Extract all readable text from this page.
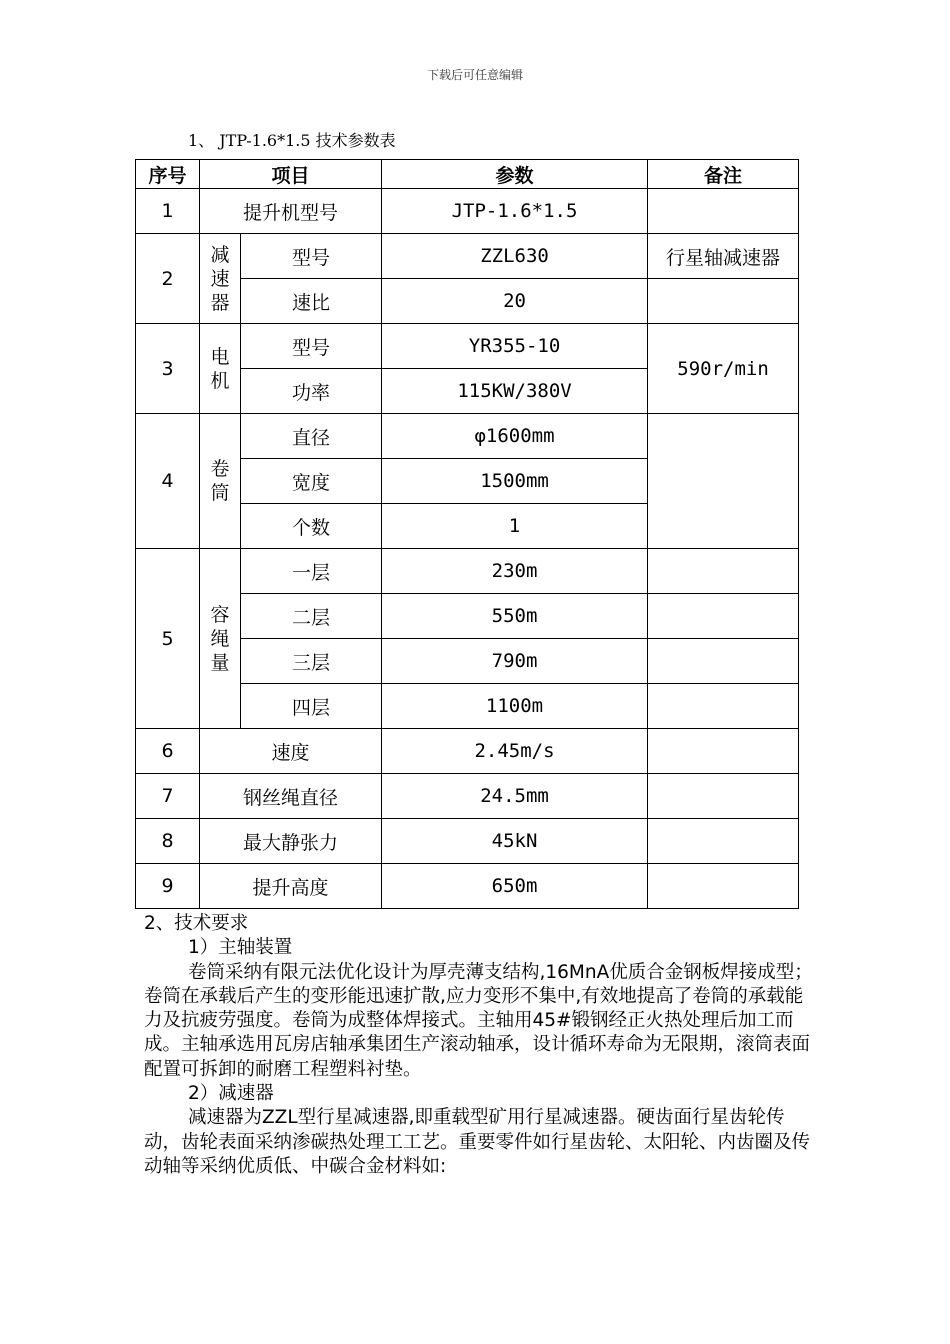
下载后可任意编辑
1、 JTP-1.6*1.5 技术参数表
序号	项目		参数	备注
1	提升机型号		JTP-1.6*1.5	
2	减
速
器	型号	ZZL630	行星轴减速器
		速比	20	
3	电
机	型号	YR355-10	590r/min
		功率	115KW/380V	
4	卷
筒	直径	φ1600mm	
		宽度	1500mm	
		个数	1	
5	容
绳
量	一层	230m	
		二层	550m	
		三层	790m	
		四层	1100m	
6	速度		2.45m/s	
7	钢丝绳直径		24.5mm	
8	最大静张力		45kN	
9	提升高度		650m	

2、技术要求

1）主轴装置

卷筒采纳有限元法优化设计为厚壳薄支结构,16MnA优质合金钢板焊接成型；卷筒在承载后产生的变形能迅速扩散,应力变形不集中,有效地提高了卷筒的承载能力及抗疲劳强度。卷筒为成整体焊接式。主轴用45#锻钢经正火热处理后加工而成。主轴承选用瓦房店轴承集团生产滚动轴承，设计循环寿命为无限期，滚筒表面配置可拆卸的耐磨工程塑料衬垫。

2）减速器

减速器为ZZL型行星减速器,即重载型矿用行星减速器。硬齿面行星齿轮传动，齿轮表面采纳渗碳热处理工工艺。重要零件如行星齿轮、太阳轮、内齿圈及传动轴等采纳优质低、中碳合金材料如:
